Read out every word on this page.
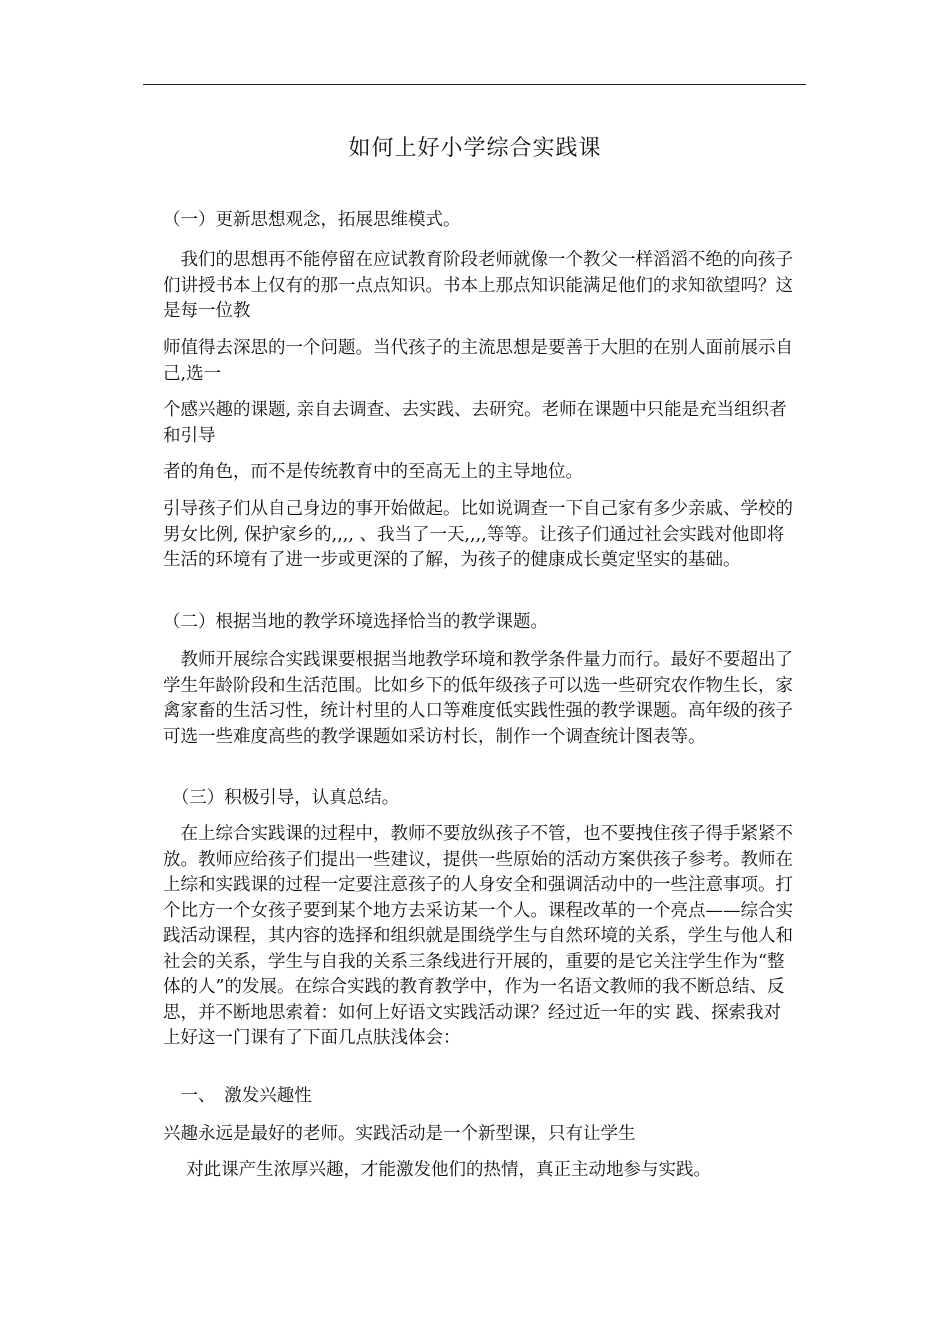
如何上好小学综合实践课

（一）更新思想观念，拓展思维模式。

　我们的思想再不能停留在应试教育阶段老师就像一个教父一样滔滔不绝的向孩子们讲授书本上仅有的那一点点知识。书本上那点知识能满足他们的求知欲望吗？这是每一位教

师值得去深思的一个问题。当代孩子的主流思想是要善于大胆的在别人面前展示自己,选一

个感兴趣的课题, 亲自去调查、去实践、去研究。老师在课题中只能是充当组织者和引导

者的角色，而不是传统教育中的至高无上的主导地位。

引导孩子们从自己身边的事开始做起。比如说调查一下自己家有多少亲戚、学校的男女比例, 保护家乡的,,,, 、我当了一天,,,,等等。让孩子们通过社会实践对他即将生活的环境有了进一步或更深的了解，为孩子的健康成长奠定坚实的基础。

（二）根据当地的教学环境选择恰当的教学课题。

　教师开展综合实践课要根据当地教学环境和教学条件量力而行。最好不要超出了学生年龄阶段和生活范围。比如乡下的低年级孩子可以选一些研究农作物生长，家禽家畜的生活习性，统计村里的人口等难度低实践性强的教学课题。高年级的孩子可选一些难度高些的教学课题如采访村长，制作一个调查统计图表等。

　（三）积极引导，认真总结。

　在上综合实践课的过程中，教师不要放纵孩子不管，也不要拽住孩子得手紧紧不放。教师应给孩子们提出一些建议，提供一些原始的活动方案供孩子参考。教师在上综和实践课的过程一定要注意孩子的人身安全和强调活动中的一些注意事项。打个比方一个女孩子要到某个地方去采访某一个人。课程改革的一个亮点——综合实践活动课程，其内容的选择和组织就是围绕学生与自然环境的关系，学生与他人和社会的关系，学生与自我的关系三条线进行开展的，重要的是它关注学生作为“整体的人”的发展。在综合实践的教育教学中，作为一名语文教师的我不断总结、反思，并不断地思索着：如何上好语文实践活动课？经过近一年的实 践、探索我对上好这一门课有了下面几点肤浅体会：

　一、　激发兴趣性

兴趣永远是最好的老师。实践活动是一个新型课，只有让学生

　 对此课产生浓厚兴趣，才能激发他们的热情，真正主动地参与实践。
